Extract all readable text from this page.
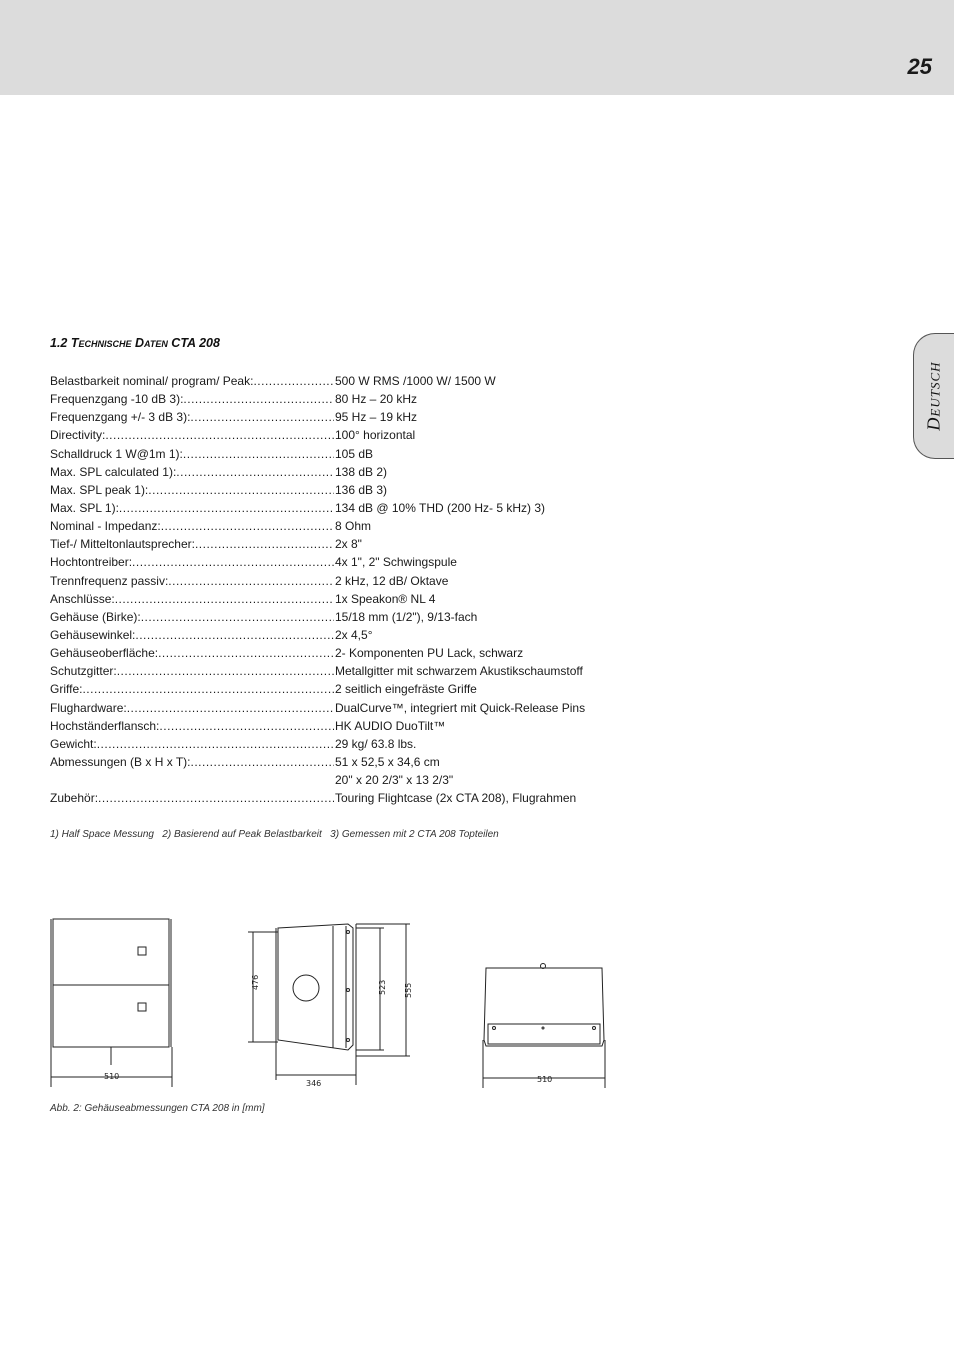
25
Deutsch
1.2 Technische Daten CTA 208
Belastbarkeit nominal/ program/ Peak: .....	500 W RMS /1000 W/ 1500 W
Frequenzgang -10 dB 3): .....	80 Hz – 20 kHz
Frequenzgang +/- 3 dB 3): .....	95 Hz – 19 kHz
Directivity: .....	100° horizontal
Schalldruck 1 W@1m 1): .....	105 dB
Max. SPL calculated 1): .....	138 dB 2)
Max. SPL peak 1): .....	136 dB 3)
Max. SPL 1): .....	134 dB @ 10% THD (200 Hz- 5 kHz) 3)
Nominal - Impedanz: .....	8 Ohm
Tief-/ Mitteltonlautsprecher: .....	2x 8"
Hochtontreiber: .....	4x 1", 2" Schwingspule
Trennfrequenz passiv: .....	2 kHz, 12 dB/ Oktave
Anschlüsse: .....	1x Speakon® NL 4
Gehäuse (Birke): .....	15/18 mm (1/2"), 9/13-fach
Gehäusewinkel: .....	2x 4,5°
Gehäuseoberfläche: .....	2- Komponenten PU Lack, schwarz
Schutzgitter: .....	Metallgitter mit schwarzem Akustikschaumstoff
Griffe: .....	2 seitlich eingefräste Griffe
Flughardware: .....	DualCurve™, integriert mit Quick-Release Pins
Hochständerflansch: .....	HK AUDIO DuoTilt™
Gewicht: .....	29 kg/ 63.8 lbs.
Abmessungen (B x H x T): .....	51 x 52,5 x 34,6 cm
20" x 20 2/3" x 13 2/3"
Zubehör: .....	Touring Flightcase (2x CTA 208), Flugrahmen
1) Half Space Messung   2) Basierend auf Peak Belastbarkeit   3) Gemessen mit 2 CTA 208 Topteilen
510
476	523 555
346	510
Abb. 2: Gehäuseabmessungen CTA 208 in [mm]
